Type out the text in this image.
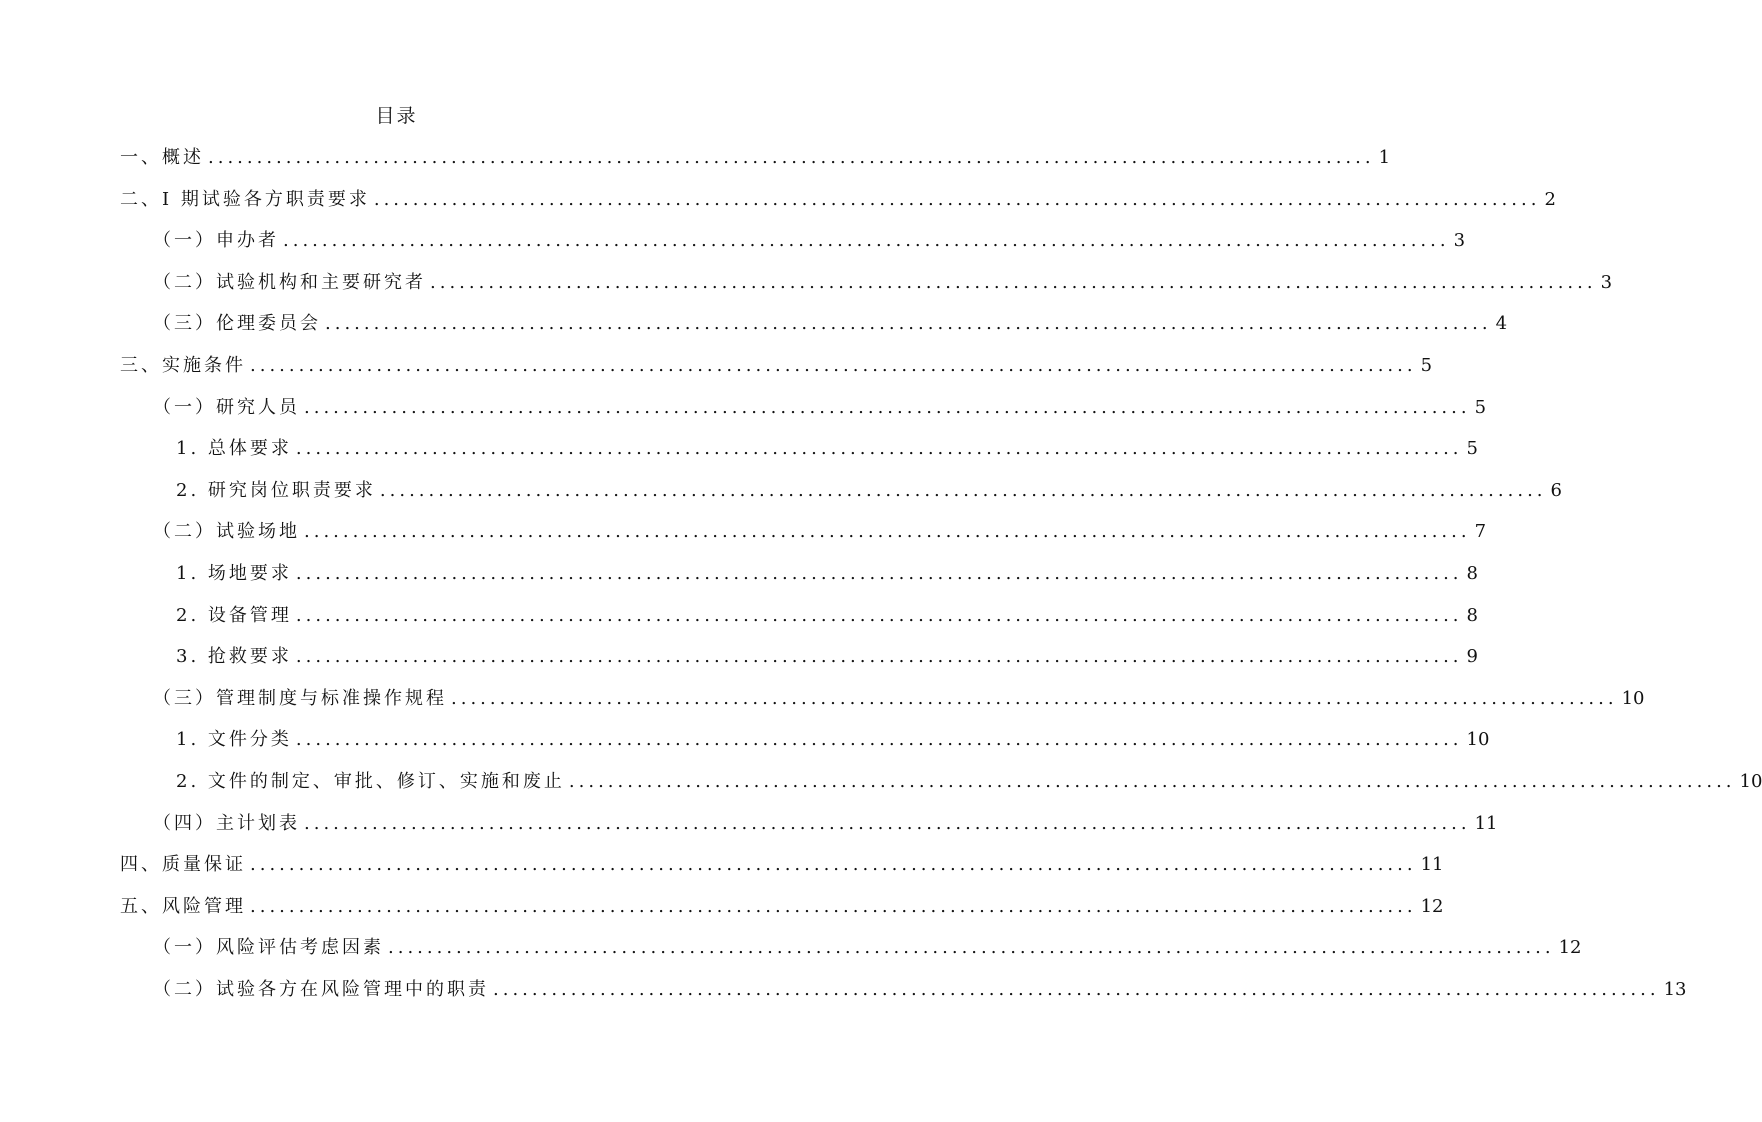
目录
一、概述 ........................................................................................................................ 1
二、I 期试验各方职责要求 ........................................................................................................................ 2
（一）申办者 ........................................................................................................................ 3
（二）试验机构和主要研究者 ........................................................................................................................ 3
（三）伦理委员会 ........................................................................................................................ 4
三、实施条件 ........................................................................................................................ 5
（一）研究人员 ........................................................................................................................ 5
1. 总体要求 ........................................................................................................................ 5
2. 研究岗位职责要求 ........................................................................................................................ 6
（二）试验场地 ........................................................................................................................ 7
1. 场地要求 ........................................................................................................................ 8
2. 设备管理 ........................................................................................................................ 8
3. 抢救要求 ........................................................................................................................ 9
（三）管理制度与标准操作规程 ........................................................................................................................ 10
1. 文件分类 ........................................................................................................................ 10
2. 文件的制定、审批、修订、实施和废止 ........................................................................................................................ 10
（四）主计划表 ........................................................................................................................ 11
四、质量保证 ........................................................................................................................ 11
五、风险管理 ........................................................................................................................ 12
（一）风险评估考虑因素 ........................................................................................................................ 12
（二）试验各方在风险管理中的职责 ........................................................................................................................ 13
